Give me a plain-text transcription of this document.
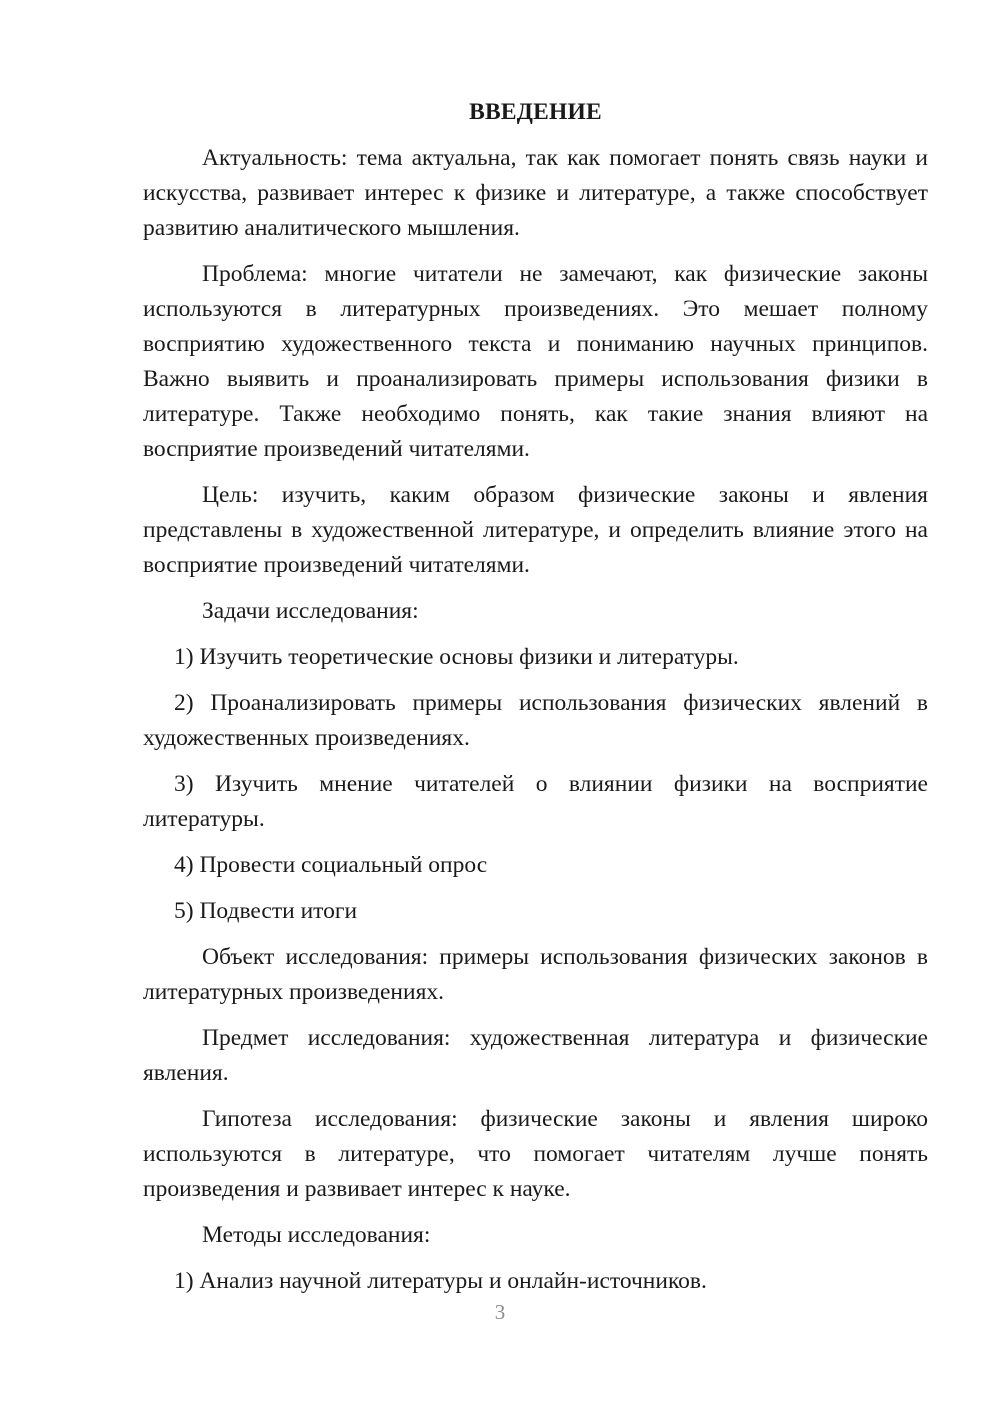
ВВЕДЕНИЕ

Актуальность: тема актуальна, так как помогает понять связь науки и искусства, развивает интерес к физике и литературе, а также способствует развитию аналитического мышления.

Проблема: многие читатели не замечают, как физические законы используются в литературных произведениях. Это мешает полному восприятию художественного текста и пониманию научных принципов. Важно выявить и проанализировать примеры использования физики в литературе. Также необходимо понять, как такие знания влияют на восприятие произведений читателями.

Цель: изучить, каким образом физические законы и явления представлены в художественной литературе, и определить влияние этого на восприятие произведений читателями.

Задачи исследования:

1) Изучить теоретические основы физики и литературы.

2) Проанализировать примеры использования физических явлений в художественных произведениях.

3) Изучить мнение читателей о влиянии физики на восприятие литературы.

4) Провести социальный опрос

5) Подвести итоги

Объект исследования: примеры использования физических законов в литературных произведениях.

Предмет исследования: художественная литература и физические явления.

Гипотеза исследования: физические законы и явления широко используются в литературе, что помогает читателям лучше понять произведения и развивает интерес к науке.

Методы исследования:

1) Анализ научной литературы и онлайн-источников.

3
